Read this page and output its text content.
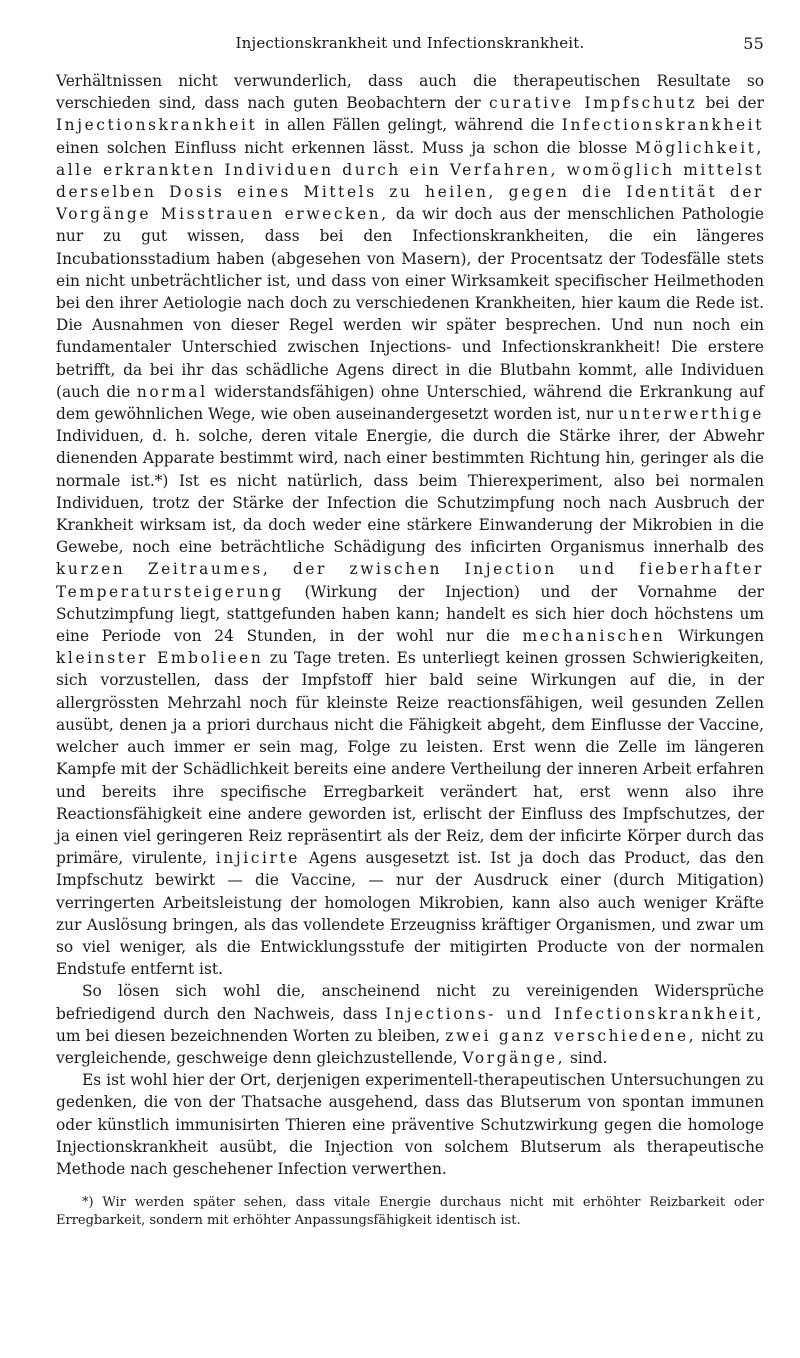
Injectionskrankheit und Infectionskrankheit.	55

Verhältnissen nicht verwunderlich, dass auch die therapeutischen Resultate so verschieden sind, dass nach guten Beobachtern der curative Impfschutz bei der Injectionskrankheit in allen Fällen gelingt, während die Infectionskrankheit einen solchen Einfluss nicht erkennen lässt. Muss ja schon die blosse Möglichkeit, alle erkrankten Individuen durch ein Verfahren, womöglich mittelst derselben Dosis eines Mittels zu heilen, gegen die Identität der Vorgänge Misstrauen erwecken, da wir doch aus der menschlichen Pathologie nur zu gut wissen, dass bei den Infectionskrankheiten, die ein längeres Incubationsstadium haben (abgesehen von Masern), der Procentsatz der Todesfälle stets ein nicht unbeträchtlicher ist, und dass von einer Wirksamkeit specifischer Heilmethoden bei den ihrer Aetiologie nach doch zu verschiedenen Krankheiten, hier kaum die Rede ist. Die Ausnahmen von dieser Regel werden wir später besprechen. Und nun noch ein fundamentaler Unterschied zwischen Injections- und Infectionskrankheit! Die erstere betrifft, da bei ihr das schädliche Agens direct in die Blutbahn kommt, alle Individuen (auch die normal widerstandsfähigen) ohne Unterschied, während die Erkrankung auf dem gewöhnlichen Wege, wie oben auseinandergesetzt worden ist, nur unterwerthige Individuen, d. h. solche, deren vitale Energie, die durch die Stärke ihrer, der Abwehr dienenden Apparate bestimmt wird, nach einer bestimmten Richtung hin, geringer als die normale ist.*) Ist es nicht natürlich, dass beim Thierexperiment, also bei normalen Individuen, trotz der Stärke der Infection die Schutzimpfung noch nach Ausbruch der Krankheit wirksam ist, da doch weder eine stärkere Einwanderung der Mikrobien in die Gewebe, noch eine beträchtliche Schädigung des inficirten Organismus innerhalb des kurzen Zeitraumes, der zwischen Injection und fieberhafter Temperatursteigerung (Wirkung der Injection) und der Vornahme der Schutzimpfung liegt, stattgefunden haben kann; handelt es sich hier doch höchstens um eine Periode von 24 Stunden, in der wohl nur die mechanischen Wirkungen kleinster Embolieen zu Tage treten. Es unterliegt keinen grossen Schwierigkeiten, sich vorzustellen, dass der Impfstoff hier bald seine Wirkungen auf die, in der allergrössten Mehrzahl noch für kleinste Reize reactionsfähigen, weil gesunden Zellen ausübt, denen ja a priori durchaus nicht die Fähigkeit abgeht, dem Einflusse der Vaccine, welcher auch immer er sein mag, Folge zu leisten. Erst wenn die Zelle im längeren Kampfe mit der Schädlichkeit bereits eine andere Vertheilung der inneren Arbeit erfahren und bereits ihre specifische Erregbarkeit verändert hat, erst wenn also ihre Reactionsfähigkeit eine andere geworden ist, erlischt der Einfluss des Impfschutzes, der ja einen viel geringeren Reiz repräsentirt als der Reiz, dem der inficirte Körper durch das primäre, virulente, injicirte Agens ausgesetzt ist. Ist ja doch das Product, das den Impfschutz bewirkt — die Vaccine, — nur der Ausdruck einer (durch Mitigation) verringerten Arbeitsleistung der homologen Mikrobien, kann also auch weniger Kräfte zur Auslösung bringen, als das vollendete Erzeugniss kräftiger Organismen, und zwar um so viel weniger, als die Entwicklungsstufe der mitigirten Producte von der normalen Endstufe entfernt ist.

So lösen sich wohl die, anscheinend nicht zu vereinigenden Widersprüche befriedigend durch den Nachweis, dass Injections- und Infectionskrankheit, um bei diesen bezeichnenden Worten zu bleiben, zwei ganz verschiedene, nicht zu vergleichende, geschweige denn gleichzustellende, Vorgänge, sind.

Es ist wohl hier der Ort, derjenigen experimentell-therapeutischen Untersuchungen zu gedenken, die von der Thatsache ausgehend, dass das Blutserum von spontan immunen oder künstlich immunisirten Thieren eine präventive Schutzwirkung gegen die homologe Injectionskrankheit ausübt, die Injection von solchem Blutserum als therapeutische Methode nach geschehener Infection verwerthen.

*) Wir werden später sehen, dass vitale Energie durchaus nicht mit erhöhter Reizbarkeit oder Erregbarkeit, sondern mit erhöhter Anpassungsfähigkeit identisch ist.
